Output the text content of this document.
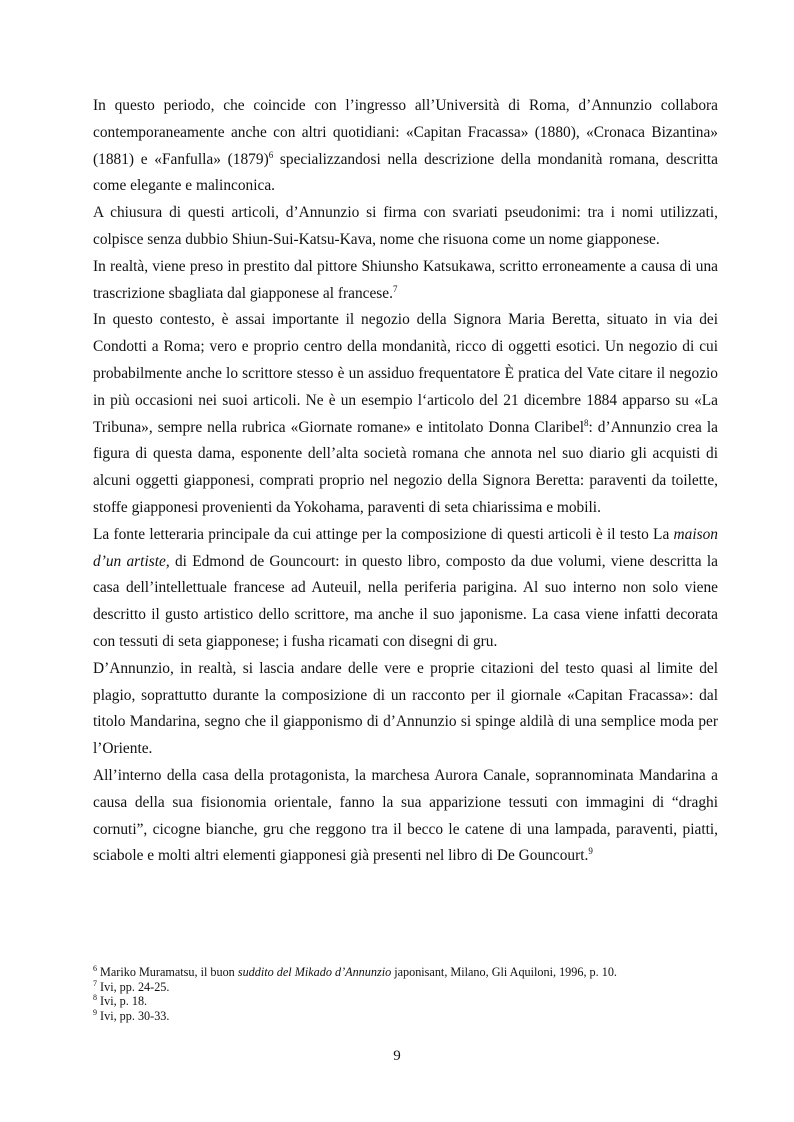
In questo periodo, che coincide con l’ingresso all’Università di Roma, d’Annunzio collabora contemporaneamente anche con altri quotidiani: «Capitan Fracassa» (1880), «Cronaca Bizantina» (1881) e «Fanfulla» (1879)$^6$ specializzandosi nella descrizione della mondanità romana, descritta come elegante e malinconica.

A chiusura di questi articoli, d’Annunzio si firma con svariati pseudonimi: tra i nomi utilizzati, colpisce senza dubbio Shiun-Sui-Katsu-Kava, nome che risuona come un nome giapponese.

In realtà, viene preso in prestito dal pittore Shiunsho Katsukawa, scritto erroneamente a causa di una trascrizione sbagliata dal giapponese al francese.$^7$

In questo contesto, è assai importante il negozio della Signora Maria Beretta, situato in via dei Condotti a Roma; vero e proprio centro della mondanità, ricco di oggetti esotici. Un negozio di cui probabilmente anche lo scrittore stesso è un assiduo frequentatore È pratica del Vate citare il negozio in più occasioni nei suoi articoli. Ne è un esempio l‘articolo del 21 dicembre 1884 apparso su «La Tribuna», sempre nella rubrica «Giornate romane» e intitolato Donna Claribel$^8$: d’Annunzio crea la figura di questa dama, esponente dell’alta società romana che annota nel suo diario gli acquisti di alcuni oggetti giapponesi, comprati proprio nel negozio della Signora Beretta: paraventi da toilette, stoffe giapponesi provenienti da Yokohama, paraventi di seta chiarissima e mobili.

La fonte letteraria principale da cui attinge per la composizione di questi articoli è il testo La maison d’un artiste, di Edmond de Gouncourt: in questo libro, composto da due volumi, viene descritta la casa dell’intellettuale francese ad Auteuil, nella periferia parigina. Al suo interno non solo viene descritto il gusto artistico dello scrittore, ma anche il suo japonisme. La casa viene infatti decorata con tessuti di seta giapponese; i fusha ricamati con disegni di gru.

D’Annunzio, in realtà, si lascia andare delle vere e proprie citazioni del testo quasi al limite del plagio, soprattutto durante la composizione di un racconto per il giornale «Capitan Fracassa»: dal titolo Mandarina, segno che il giapponismo di d’Annunzio si spinge aldilà di una semplice moda per l’Oriente.

All’interno della casa della protagonista, la marchesa Aurora Canale, soprannominata Mandarina a causa della sua fisionomia orientale, fanno la sua apparizione tessuti con immagini di “draghi cornuti”, cicogne bianche, gru che reggono tra il becco le catene di una lampada, paraventi, piatti, sciabole e molti altri elementi giapponesi già presenti nel libro di De Gouncourt.$^9$

$^6$ Mariko Muramatsu, il buon suddito del Mikado d’Annunzio japonisant, Milano, Gli Aquiloni, 1996, p. 10.

$^7$ Ivi, pp. 24-25.

$^8$ Ivi, p. 18.

$^9$ Ivi, pp. 30-33.

9
